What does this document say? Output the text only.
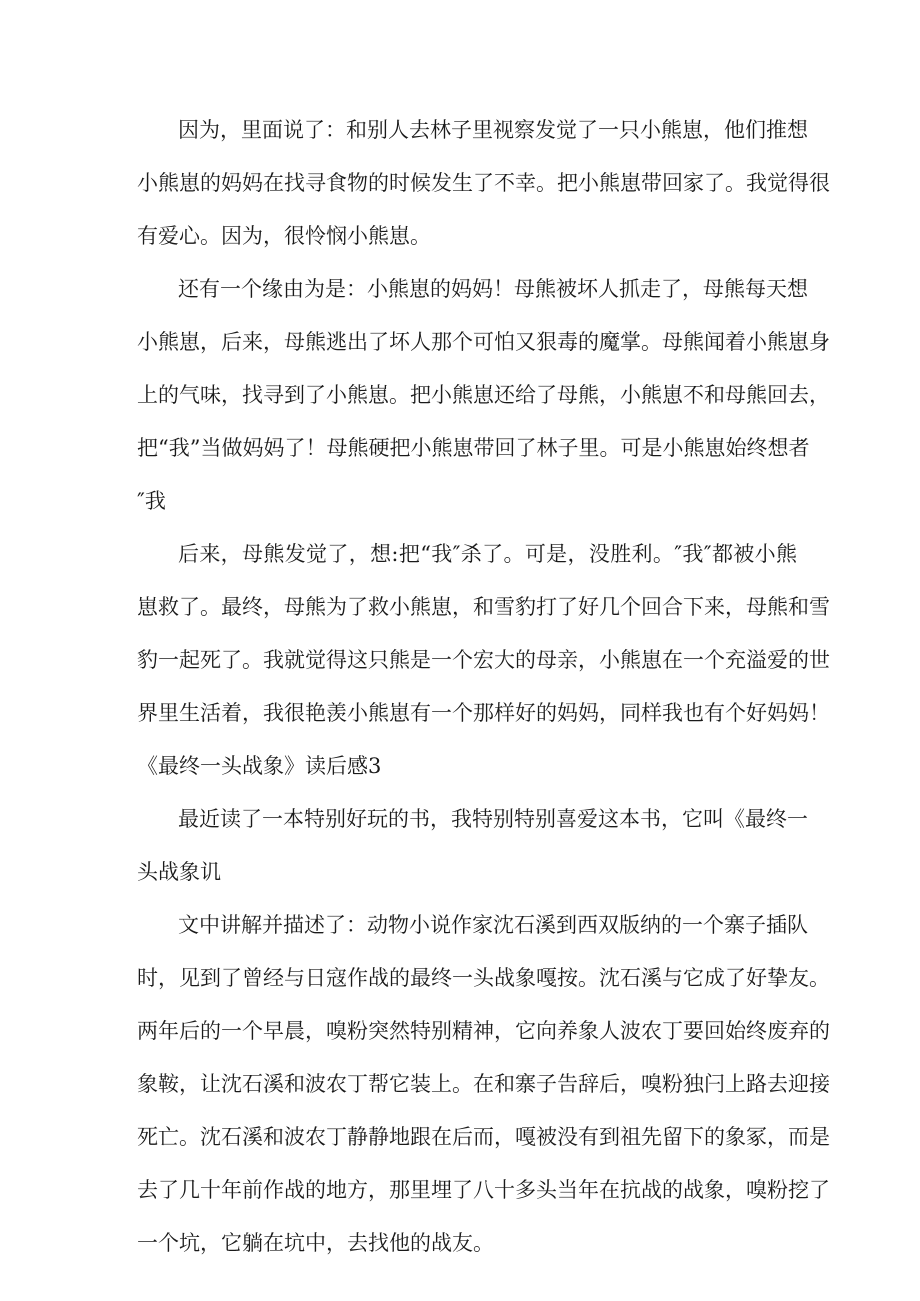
因为，里面说了：和别人去林子里视察发觉了一只小熊崽，他们推想
小熊崽的妈妈在找寻食物的时候发生了不幸。把小熊崽带回家了。我觉得很
有爱心。因为，很怜悯小熊崽。
还有一个缘由为是：小熊崽的妈妈！母熊被坏人抓走了，母熊每天想
小熊崽，后来，母熊逃出了坏人那个可怕又狠毒的魔掌。母熊闻着小熊崽身
上的气味，找寻到了小熊崽。把小熊崽还给了母熊，小熊崽不和母熊回去，
把“我”当做妈妈了！母熊硬把小熊崽带回了林子里。可是小熊崽始终想者
″我
后来，母熊发觉了，想:把“我″杀了。可是，没胜利。″我″都被小熊
崽救了。最终，母熊为了救小熊崽，和雪豹打了好几个回合下来，母熊和雪
豹一起死了。我就觉得这只熊是一个宏大的母亲，小熊崽在一个充溢爱的世
界里生活着，我很艳羡小熊崽有一个那样好的妈妈，同样我也有个好妈妈！
《最终一头战象》读后感3
最近读了一本特别好玩的书，我特别特别喜爱这本书，它叫《最终一
头战象讥
文中讲解并描述了：动物小说作家沈石溪到西双版纳的一个寨子插队
时，见到了曾经与日寇作战的最终一头战象嘎按。沈石溪与它成了好挚友。
两年后的一个早晨，嗅粉突然特别精神，它向养象人波农丁要回始终废弃的
象鞍，让沈石溪和波农丁帮它装上。在和寨子告辞后，嗅粉独闩上路去迎接
死亡。沈石溪和波农丁静静地跟在后而，嘎被没有到祖先留下的象冢，而是
去了几十年前作战的地方，那里埋了八十多头当年在抗战的战象，嗅粉挖了
一个坑，它躺在坑中，去找他的战友。
